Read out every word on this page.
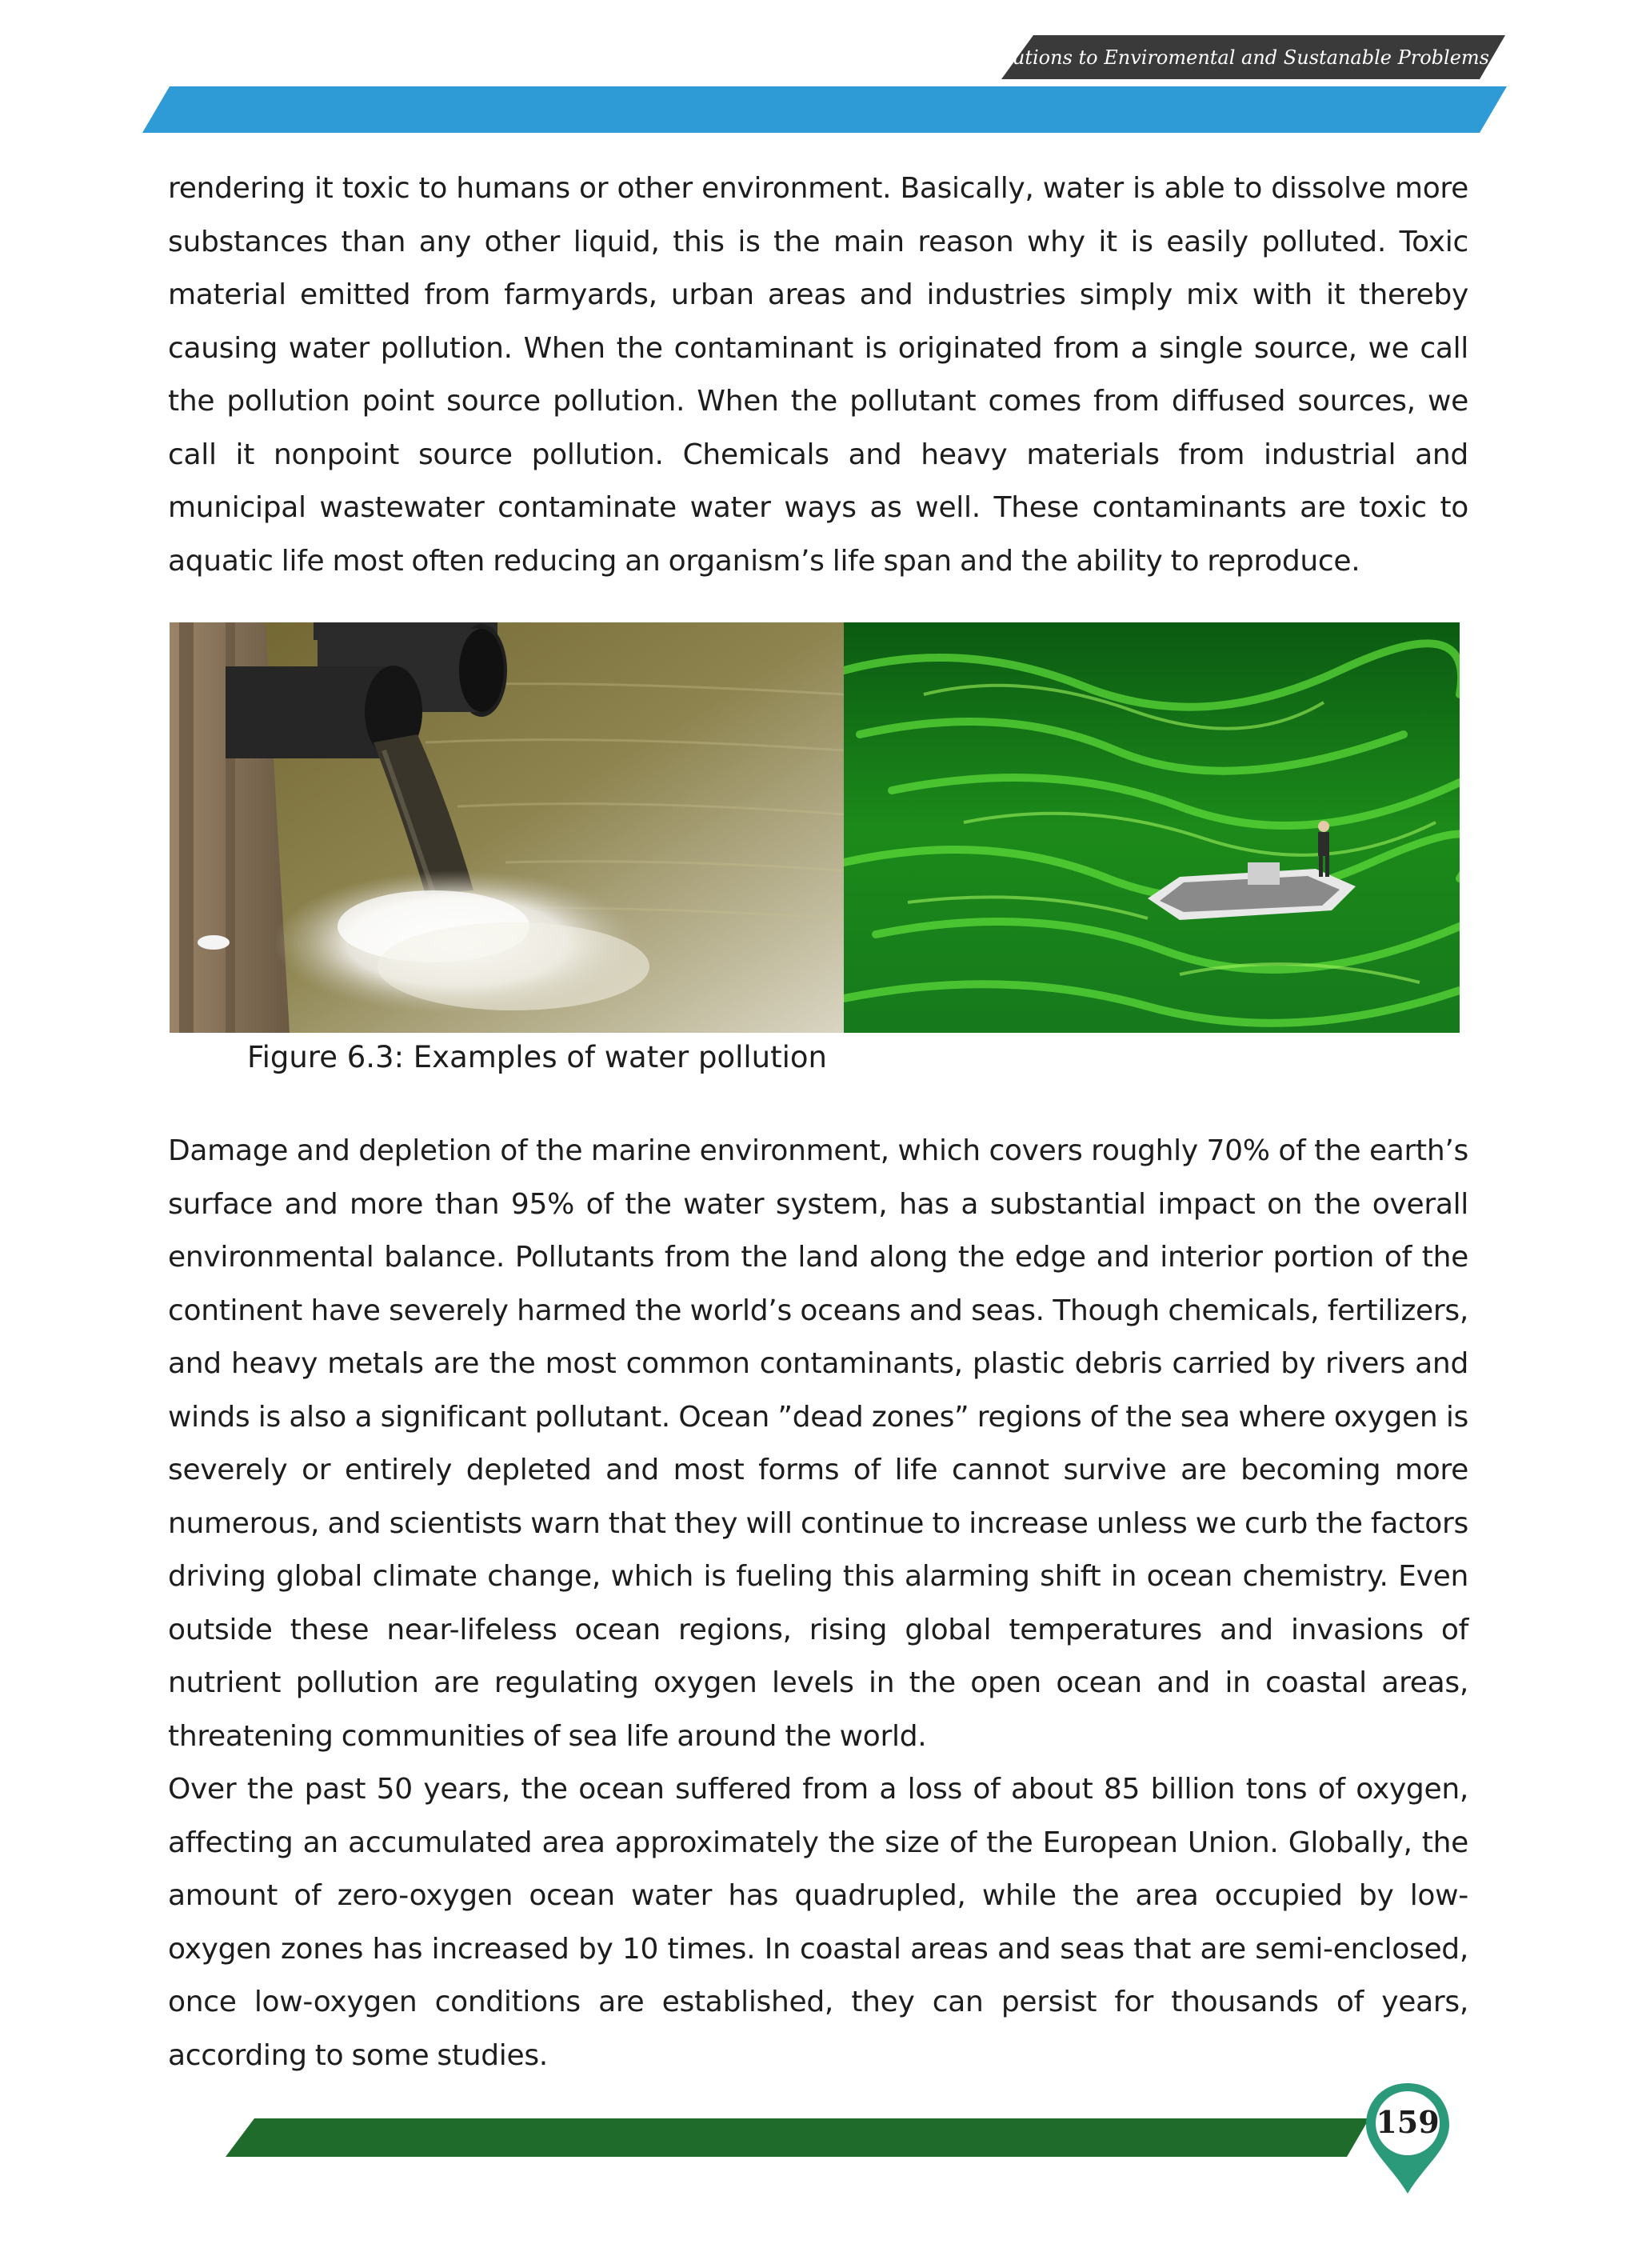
Solutions to Enviromental and Sustanable Problems

rendering it toxic to humans or other environment. Basically, water is able to dissolve more substances than any other liquid, this is the main reason why it is easily polluted. Toxic material emitted from farmyards, urban areas and industries simply mix with it thereby causing water pollution. When the contaminant is originated from a single source, we call the pollution point source pollution. When the pollutant comes from diffused sources, we call it nonpoint source pollution. Chemicals and heavy materials from industrial and municipal wastewater contaminate water ways as well. These contaminants are toxic to aquatic life most often reducing an organism’s life span and the ability to reproduce.

Figure 6.3: Examples of water pollution

Damage and depletion of the marine environment, which covers roughly 70% of the earth’s surface and more than 95% of the water system, has a substantial impact on the overall environmental balance. Pollutants from the land along the edge and interior portion of the continent have severely harmed the world’s oceans and seas. Though chemicals, fertilizers, and heavy metals are the most common contaminants, plastic debris carried by rivers and winds is also a significant pollutant. Ocean ”dead zones” regions of the sea where oxygen is severely or entirely depleted and most forms of life cannot survive are becoming more numerous, and scientists warn that they will continue to increase unless we curb the factors driving global climate change, which is fueling this alarming shift in ocean chemistry. Even outside these near-lifeless ocean regions, rising global temperatures and invasions of nutrient pollution are regulating oxygen levels in the open ocean and in coastal areas, threatening communities of sea life around the world.

Over the past 50 years, the ocean suffered from a loss of about 85 billion tons of oxygen, affecting an accumulated area approximately the size of the European Union. Globally, the amount of zero-oxygen ocean water has quadrupled, while the area occupied by low-oxygen zones has increased by 10 times. In coastal areas and seas that are semi-enclosed, once low-oxygen conditions are established, they can persist for thousands of years, according to some studies.

159
